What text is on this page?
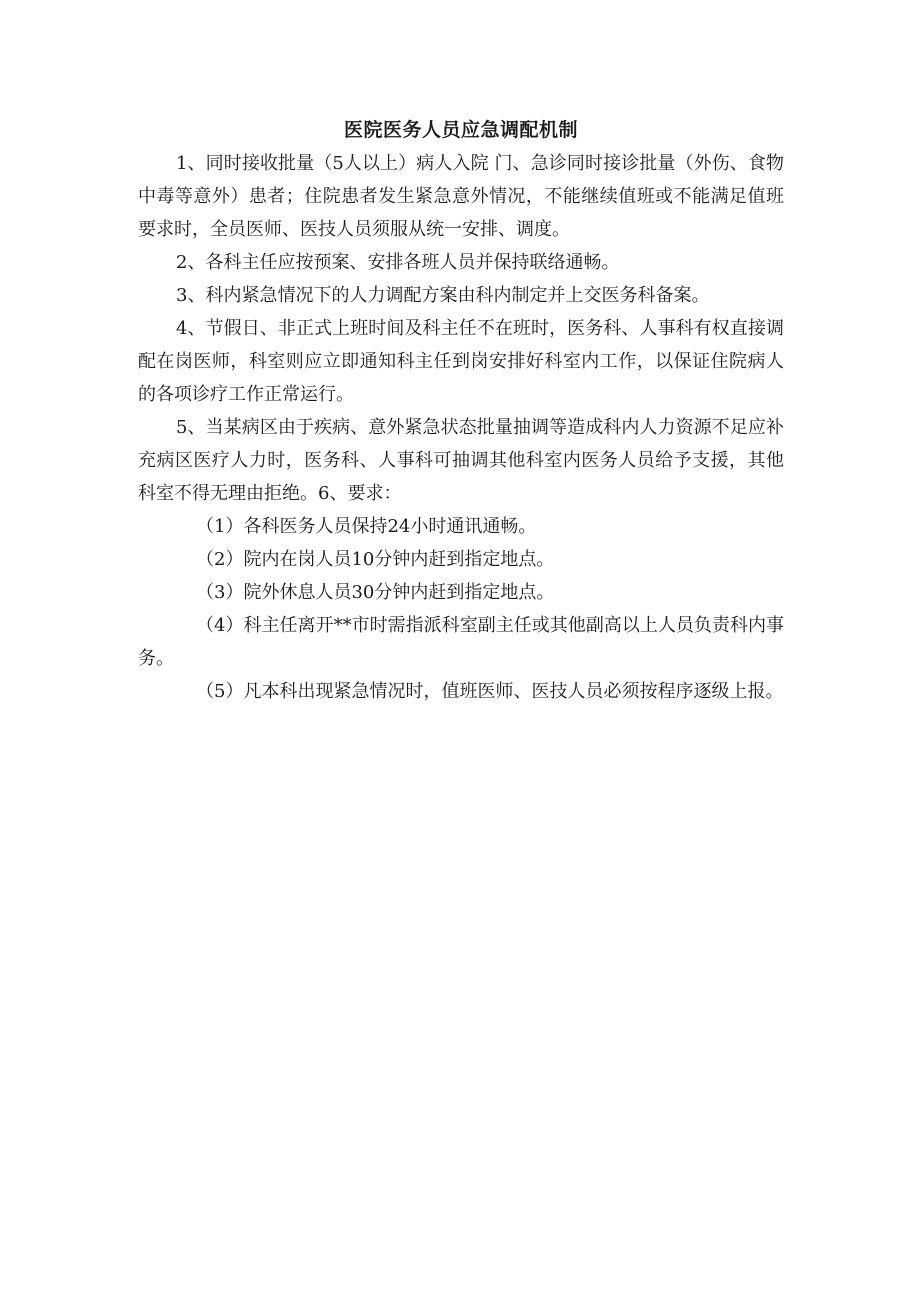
医院医务人员应急调配机制

1、同时接收批量（5人以上）病人入院 门、急诊同时接诊批量（外伤、食物中毒等意外）患者；住院患者发生紧急意外情况，不能继续值班或不能满足值班要求时，全员医师、医技人员须服从统一安排、调度。

2、各科主任应按预案、安排各班人员并保持联络通畅。

3、科内紧急情况下的人力调配方案由科内制定并上交医务科备案。

4、节假日、非正式上班时间及科主任不在班时，医务科、人事科有权直接调配在岗医师，科室则应立即通知科主任到岗安排好科室内工作，以保证住院病人的各项诊疗工作正常运行。

5、当某病区由于疾病、意外紧急状态批量抽调等造成科内人力资源不足应补充病区医疗人力时，医务科、人事科可抽调其他科室内医务人员给予支援，其他科室不得无理由拒绝。6、要求：

（1）各科医务人员保持24小时通讯通畅。

（2）院内在岗人员10分钟内赶到指定地点。

（3）院外休息人员30分钟内赶到指定地点。

（4）科主任离开**市时需指派科室副主任或其他副高以上人员负责科内事务。

（5）凡本科出现紧急情况时，值班医师、医技人员必须按程序逐级上报。
